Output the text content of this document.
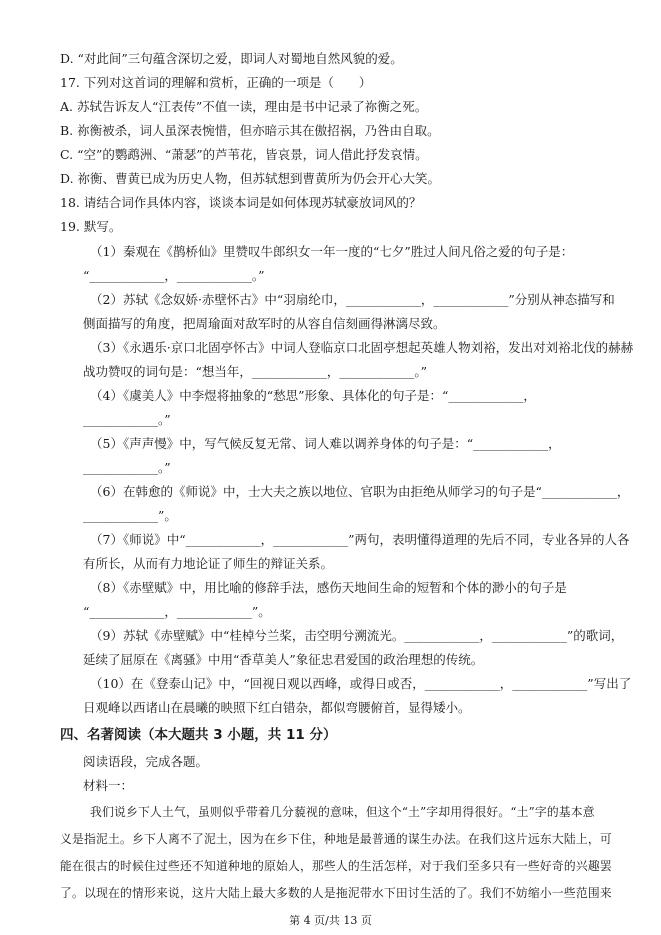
D. “对此间”三句蕴含深切之爱，即词人对蜀地自然风貌的爱。
17. 下列对这首词的理解和赏析，正确的一项是（　　）
A. 苏轼告诉友人“江表传”不值一读，理由是书中记录了祢衡之死。
B. 祢衡被杀，词人虽深表惋惜，但亦暗示其在傲招祸，乃咎由自取。
C. “空”的鹦鹉洲、“萧瑟”的芦苇花，皆哀景，词人借此抒发哀情。
D. 祢衡、曹黄已成为历史人物，但苏轼想到曹黄所为仍会开心大笑。
18. 请结合词作具体内容，谈谈本词是如何体现苏轼豪放词风的？
19. 默写。
（1）秦观在《鹊桥仙》里赞叹牛郎织女一年一度的“七夕”胜过人间凡俗之爱的句子是：
“____________，____________。”
（2）苏轼《念奴娇·赤壁怀古》中“羽扇纶巾，____________，____________”分别从神态描写和
侧面描写的角度，把周瑜面对敌军时的从容自信刻画得淋漓尽致。
（3）《永遇乐·京口北固亭怀古》中词人登临京口北固亭想起英雄人物刘裕，发出对刘裕北伐的赫赫
战功赞叹的词句是：“想当年，____________，____________。”
（4）《虞美人》中李煜将抽象的“愁思”形象、具体化的句子是：“____________，
____________。”
（5）《声声慢》中，写气候反复无常、词人难以调养身体的句子是：“____________，
____________。”
（6）在韩愈的《师说》中，士大夫之族以地位、官职为由拒绝从师学习的句子是“____________，
____________”。
（7）《师说》中“____________，____________”两句，表明懂得道理的先后不同，专业各异的人各
有所长，从而有力地论证了师生的辩证关系。
（8）《赤壁赋》中，用比喻的修辞手法，感伤天地间生命的短暂和个体的渺小的句子是
“____________，____________”。
（9）苏轼《赤壁赋》中“桂棹兮兰桨，击空明兮溯流光。____________，____________”的歌词，
延续了屈原在《离骚》中用“香草美人”象征忠君爱国的政治理想的传统。
（10）在《登泰山记》中，“回视日观以西峰，或得日或否，____________，____________”写出了
日观峰以西诸山在晨曦的映照下红白错杂，都似弯腰俯首，显得矮小。
四、名著阅读（本大题共 3 小题，共 11 分）
阅读语段，完成各题。
材料一：
我们说乡下人土气，虽则似乎带着几分藐视的意味，但这个“土”字却用得很好。“土”字的基本意
义是指泥土。乡下人离不了泥土，因为在乡下住，种地是最普通的谋生办法。在我们这片远东大陆上，可
能在很古的时候住过些还不知道种地的原始人，那些人的生活怎样，对于我们至多只有一些好奇的兴趣罢
了。以现在的情形来说，这片大陆上最大多数的人是拖泥带水下田讨生活的了。我们不妨缩小一些范围来
第 4 页/共 13 页
